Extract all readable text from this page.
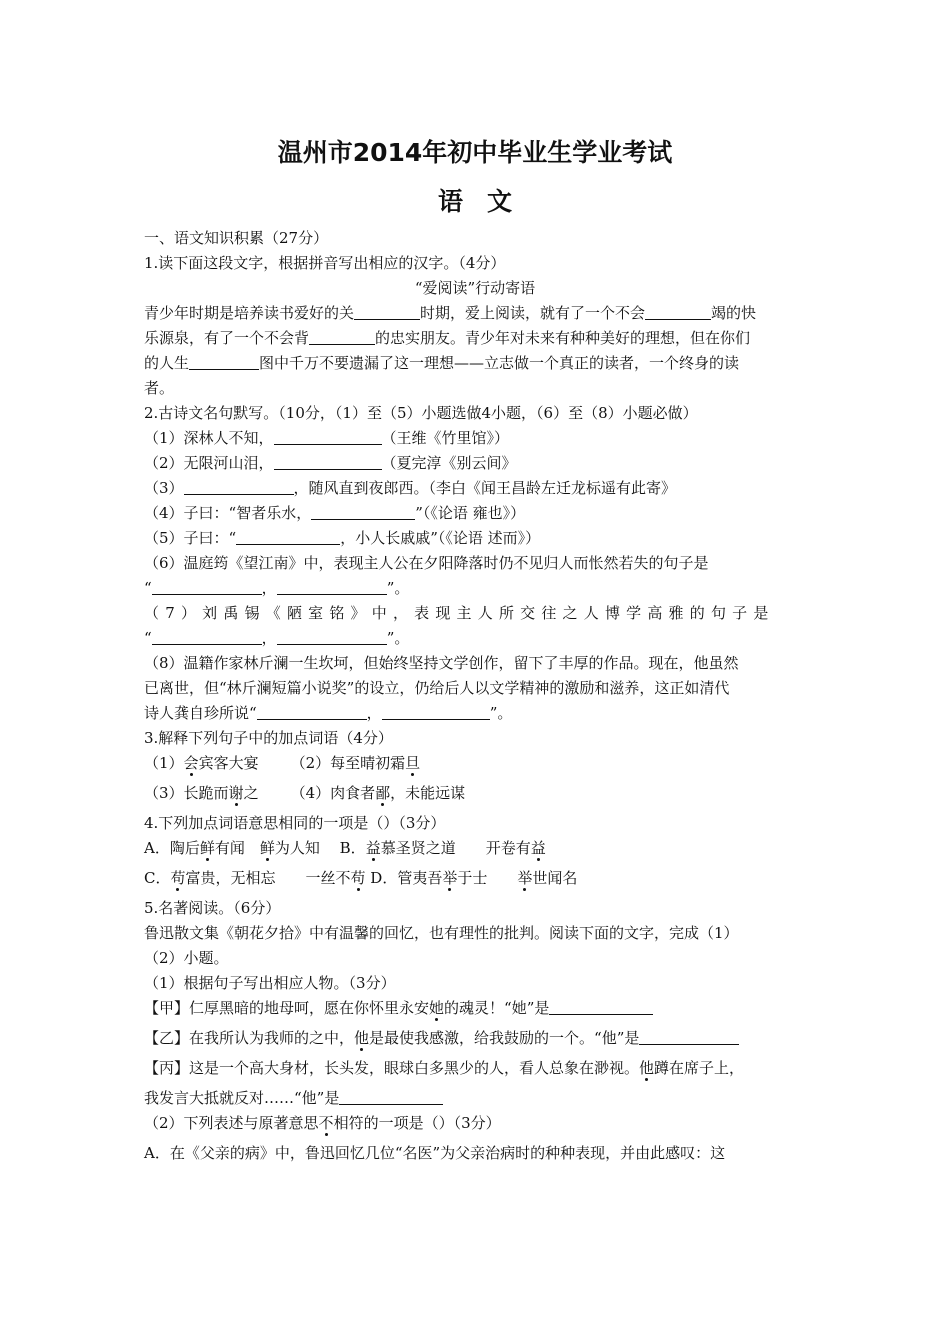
温州市2014年初中毕业生学业考试
语文

一、语文知识积累（27分）

1.读下面这段文字，根据拼音写出相应的汉字。（4分）

“爱阅读”行动寄语

青少年时期是培养读书爱好的关	时期，爱上阅读，就有了一个不会	竭的快

乐源泉，有了一个不会背	的忠实朋友。青少年对未来有种种美好的理想，但在你们

的人生	图中千万不要遗漏了这一理想——立志做一个真正的读者，一个终身的读

者。

2.古诗文名句默写。（10分，（1）至（5）小题选做4小题，（6）至（8）小题必做）

（1）深林人不知，	（王维《竹里馆》）

（2）无限河山泪，	（夏完淳《别云间》

（3）	，随风直到夜郎西。（李白《闻王昌龄左迁龙标遥有此寄》

（4）子曰：“智者乐水，	”（《论语 雍也》）

（5）子曰：“	，小人长戚戚”（《论语 述而》）

（6）温庭筠《望江南》中，表现主人公在夕阳降落时仍不见归人而怅然若失的句子是

“	，	”。

（7）刘禹锡《陋室铭》中，表现主人所交往之人博学高雅的句子是

“	，	”。

（8）温籍作家林斤澜一生坎坷，但始终坚持文学创作，留下了丰厚的作品。现在，他虽然

已离世，但“林斤澜短篇小说奖”的设立，仍给后人以文学精神的激励和滋养，这正如清代

诗人龚自珍所说“	，	”。

3.解释下列句子中的加点词语（4分）

（1）会宾客大宴 （2）每至晴初霜旦

（3）长跪而谢之 （4）肉食者鄙，未能远谋

4.下列加点词语意思相同的一项是（）（3分）

A．陶后鲜有闻　鲜为人知　 B．益慕圣贤之道　　开卷有益

C．苟富贵，无相忘　　一丝不苟 D．管夷吾举于士　　举世闻名

5.名著阅读。（6分）

鲁迅散文集《朝花夕拾》中有温馨的回忆，也有理性的批判。阅读下面的文字，完成（1）

（2）小题。

（1）根据句子写出相应人物。（3分）

【甲】仁厚黑暗的地母呵，愿在你怀里永安她的魂灵！“她”是

【乙】在我所认为我师的之中，他是最使我感激，给我鼓励的一个。“他”是

【丙】这是一个高大身材，长头发，眼球白多黑少的人，看人总象在渺视。他蹲在席子上，

我发言大抵就反对……“他”是

（2）下列表述与原著意思不相符的一项是（）（3分）

A．在《父亲的病》中，鲁迅回忆几位“名医”为父亲治病时的种种表现，并由此感叹：这
